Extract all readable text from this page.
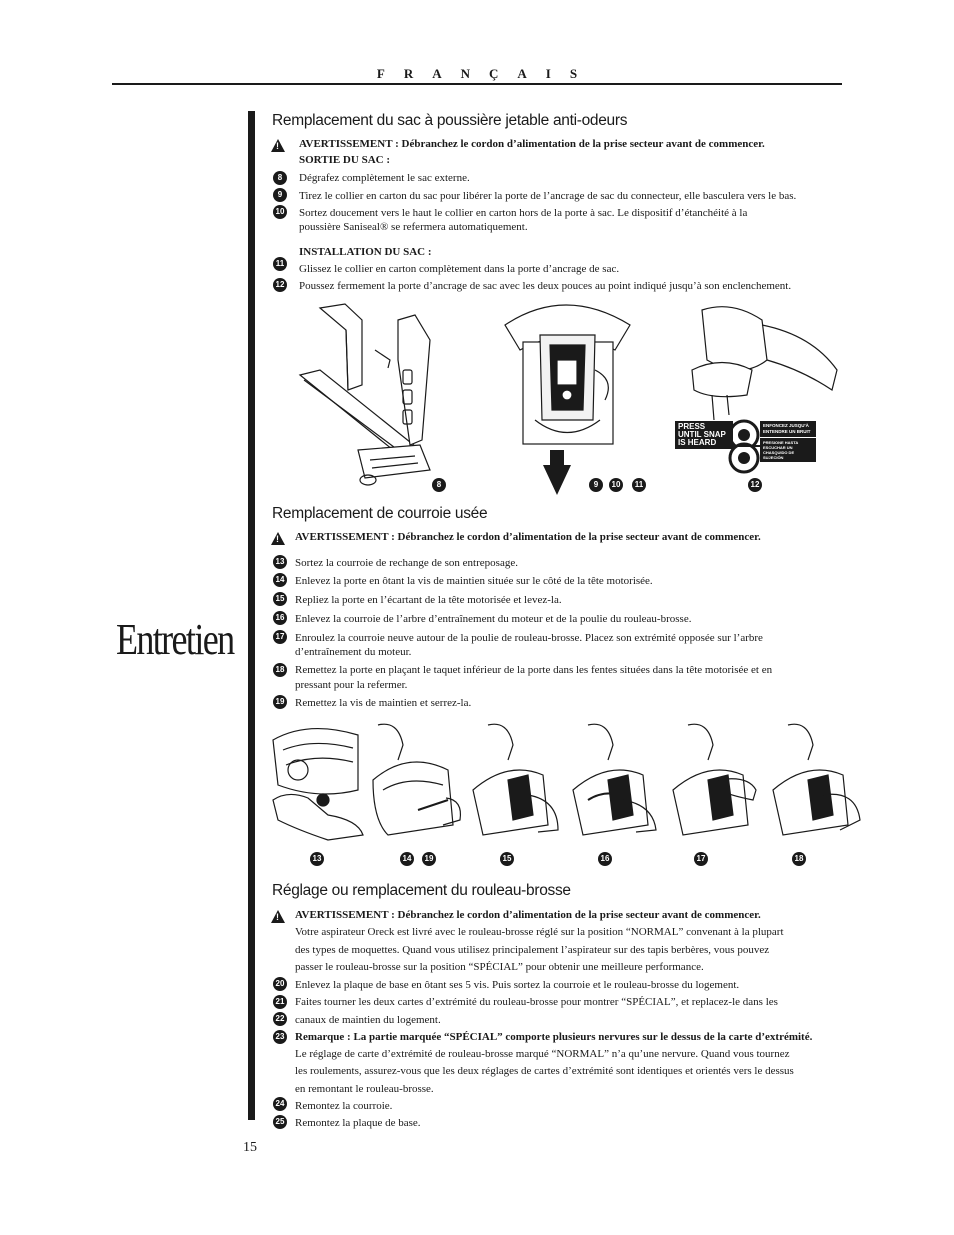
FRANÇAIS
Entretien
15
Remplacement du sac à poussière jetable anti-odeurs
! AVERTISSEMENT : Débranchez le cordon d’alimentation de la prise secteur avant de commencer.
SORTIE DU SAC :
8	Dégrafez complètement le sac externe.
9	Tirez le collier en carton du sac pour libérer la porte de l’ancrage de sac du connecteur, elle basculera vers le bas.
10 Sortez doucement vers le haut le collier en carton hors de la porte à sac. Le dispositif d’étanchéité à la
poussière Saniseal® se refermera automatiquement.
INSTALLATION DU SAC :
11 Glissez le collier en carton complètement dans la porte d’ancrage de sac.
12 Poussez fermement la porte d’ancrage de sac avec les deux pouces au point indiqué jusqu’à son enclenchement.
8	9	10	11
PRESS
UNTIL SNAP
IS HEARD
ENFONCEZ JUSQU'À
ENTENDRE UN BRUIT
PRESIONE HASTA
ESCUCHAR UN
CHASQUIDO DE SUJECIÓN
12
Remplacement de courroie usée
! AVERTISSEMENT : Débranchez le cordon d’alimentation de la prise secteur avant de commencer.
13 Sortez la courroie de rechange de son entreposage.
14 Enlevez la porte en ôtant la vis de maintien située sur le côté de la tête motorisée.
15 Repliez la porte en l’écartant de la tête motorisée et levez-la.
16 Enlevez la courroie de l’arbre d’entraînement du moteur et de la poulie du rouleau-brosse.
17 Enroulez la courroie neuve autour de la poulie de rouleau-brosse. Placez son extrémité opposée sur l’arbre
d’entraînement du moteur.
18 Remettez la porte en plaçant le taquet inférieur de la porte dans les fentes situées dans la tête motorisée et en
pressant pour la refermer.
19 Remettez la vis de maintien et serrez-la.
13	14	19	15	16	17	18
Réglage ou remplacement du rouleau-brosse
! AVERTISSEMENT : Débranchez le cordon d’alimentation de la prise secteur avant de commencer.
Votre aspirateur Oreck est livré avec le rouleau-brosse réglé sur la position “NORMAL” convenant à la plupart
des types de moquettes. Quand vous utilisez principalement l’aspirateur sur des tapis berbères, vous pouvez
passer le rouleau-brosse sur la position “SPÉCIAL” pour obtenir une meilleure performance.
20 Enlevez la plaque de base en ôtant ses 5 vis. Puis sortez la courroie et le rouleau-brosse du logement.
21 Faites tourner les deux cartes d’extrémité du rouleau-brosse pour montrer “SPÉCIAL”, et replacez-le dans les
22 canaux de maintien du logement.
23 Remarque : La partie marquée “SPÉCIAL” comporte plusieurs nervures sur le dessus de la carte d’extrémité.
Le réglage de carte d’extrémité de rouleau-brosse marqué “NORMAL” n’a qu’une nervure. Quand vous tournez
les roulements, assurez-vous que les deux réglages de cartes d’extrémité sont identiques et orientés vers le dessus
en remontant le rouleau-brosse.
24 Remontez la courroie.
25 Remontez la plaque de base.
